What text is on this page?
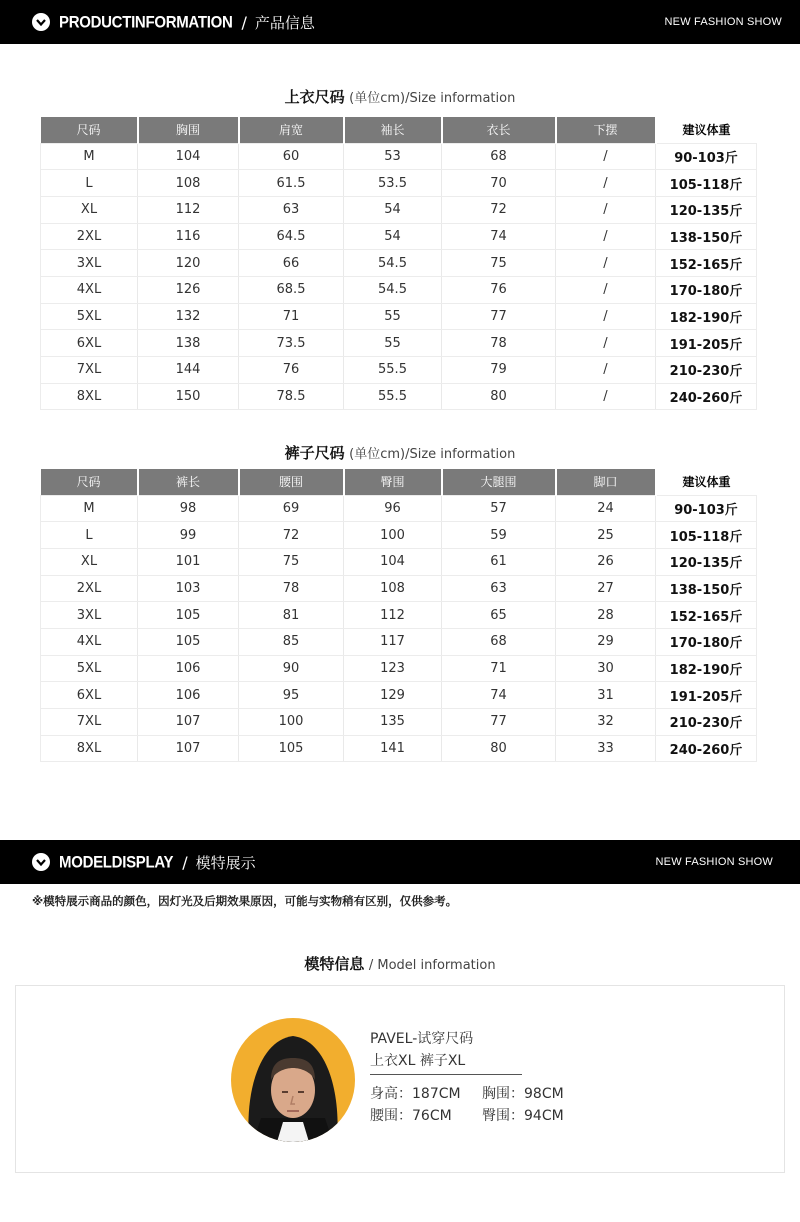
PRODUCTINFORMATION / 产品信息	NEW FASHION SHOW
上衣尺码 (单位cm)/Size information
尺码	胸围	肩宽	袖长	衣长	下摆	建议体重
M	104	60	53	68	/	90-103斤
L	108	61.5	53.5	70	/	105-118斤
XL	112	63	54	72	/	120-135斤
2XL	116	64.5	54	74	/	138-150斤
3XL	120	66	54.5	75	/	152-165斤
4XL	126	68.5	54.5	76	/	170-180斤
5XL	132	71	55	77	/	182-190斤
6XL	138	73.5	55	78	/	191-205斤
7XL	144	76	55.5	79	/	210-230斤
8XL	150	78.5	55.5	80	/	240-260斤
裤子尺码 (单位cm)/Size information
尺码	裤长	腰围	臀围	大腿围	脚口	建议体重
M	98	69	96	57	24	90-103斤
L	99	72	100	59	25	105-118斤
XL	101	75	104	61	26	120-135斤
2XL	103	78	108	63	27	138-150斤
3XL	105	81	112	65	28	152-165斤
4XL	105	85	117	68	29	170-180斤
5XL	106	90	123	71	30	182-190斤
6XL	106	95	129	74	31	191-205斤
7XL	107	100	135	77	32	210-230斤
8XL	107	105	141	80	33	240-260斤
MODELDISPLAY / 模特展示	NEW FASHION SHOW
※模特展示商品的颜色，因灯光及后期效果原因，可能与实物稍有区别，仅供参考。
模特信息 / Model information
PAVEL-试穿尺码
上衣XL 裤子XL
身高：187CM 胸围：98CM
腰围：76CM 臀围：94CM
